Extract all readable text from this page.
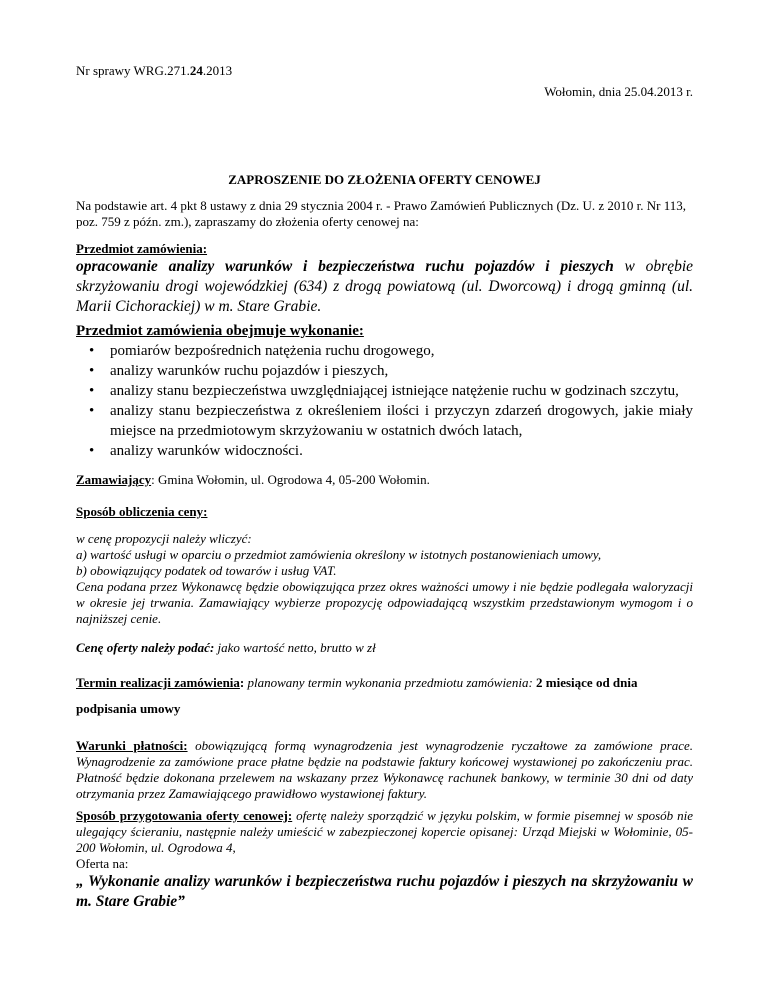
Nr sprawy WRG.271.24.2013
Wołomin, dnia 25.04.2013 r.
ZAPROSZENIE DO ZŁOŻENIA OFERTY CENOWEJ

Na podstawie art. 4 pkt 8 ustawy z dnia 29 stycznia 2004 r. - Prawo Zamówień Publicznych (Dz. U. z 2010 r. Nr 113, poz. 759 z późn. zm.), zapraszamy do złożenia oferty cenowej na:

Przedmiot zamówienia:

opracowanie analizy warunków i bezpieczeństwa ruchu pojazdów i pieszych w obrębie skrzyżowaniu drogi wojewódzkiej (634) z drogą powiatową (ul. Dworcową) i drogą gminną (ul. Marii Cichorackiej) w m. Stare Grabie.

Przedmiot zamówienia obejmuje wykonanie:
• pomiarów bezpośrednich natężenia ruchu drogowego,
• analizy warunków ruchu pojazdów i pieszych,
• analizy stanu bezpieczeństwa uwzględniającej istniejące natężenie ruchu w godzinach szczytu,
• analizy stanu bezpieczeństwa z określeniem ilości i przyczyn zdarzeń drogowych, jakie miały miejsce na przedmiotowym skrzyżowaniu w ostatnich dwóch latach,
• analizy warunków widoczności.
Zamawiający: Gmina Wołomin, ul. Ogrodowa 4, 05-200 Wołomin.
Sposób obliczenia ceny:

w cenę propozycji należy wliczyć:

a) wartość usługi w oparciu o przedmiot zamówienia określony w istotnych postanowieniach umowy,

b) obowiązujący podatek od towarów i usług VAT.

Cena podana przez Wykonawcę będzie obowiązująca przez okres ważności umowy i nie będzie podlegała waloryzacji w okresie jej trwania. Zamawiający wybierze propozycję odpowiadającą wszystkim przedstawionym wymogom i o najniższej cenie.

Cenę oferty należy podać: jako wartość netto, brutto w zł

Termin realizacji zamówienia: planowany termin wykonania przedmiotu zamówienia: 2 miesiące od dnia podpisania umowy

Warunki płatności: obowiązującą formą wynagrodzenia jest wynagrodzenie ryczałtowe za zamówione prace. Wynagrodzenie za zamówione prace płatne będzie na podstawie faktury końcowej wystawionej po zakończeniu prac. Płatność będzie dokonana przelewem na wskazany przez Wykonawcę rachunek bankowy, w terminie 30 dni od daty otrzymania przez Zamawiającego prawidłowo wystawionej faktury.

Sposób przygotowania oferty cenowej: ofertę należy sporządzić w języku polskim, w formie pisemnej w sposób nie ulegający ścieraniu, następnie należy umieścić w zabezpieczonej kopercie opisanej: Urząd Miejski w Wołominie, 05-200 Wołomin, ul. Ogrodowa 4,

Oferta na:

„ Wykonanie analizy warunków i bezpieczeństwa ruchu pojazdów i pieszych na skrzyżowaniu w m. Stare Grabie”
